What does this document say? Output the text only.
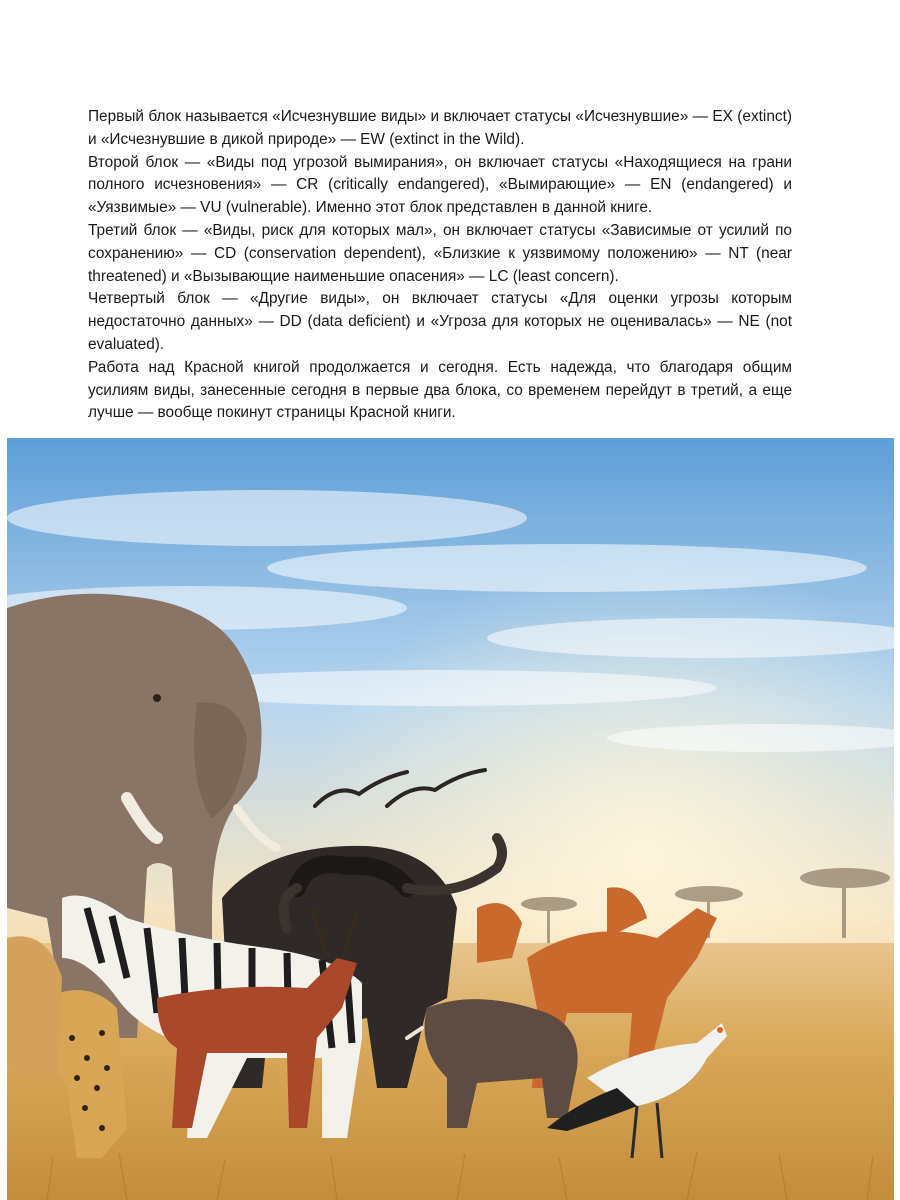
Первый блок называется «Исчезнувшие виды» и включает статусы «Исчезнувшие» — EX (extinct) и «Исчезнувшие в дикой природе» — EW (extinct in the Wild).

Второй блок — «Виды под угрозой вымирания», он включает статусы «Находящиеся на грани полного исчезновения» — CR (critically endangered), «Вымирающие» — EN (endangered) и «Уязвимые» — VU (vulnerable). Именно этот блок представлен в данной книге.

Третий блок — «Виды, риск для которых мал», он включает статусы «Зависимые от усилий по сохранению» — CD (conservation dependent), «Близкие к уязвимому положению» — NT (near threatened) и «Вызывающие наименьшие опасения» — LC (least concern).

Четвертый блок — «Другие виды», он включает статусы «Для оценки угрозы которым недостаточно данных» — DD (data deficient) и «Угроза для которых не оценивалась» — NE (not evaluated).

Работа над Красной книгой продолжается и сегодня. Есть надежда, что благодаря общим усилиям виды, занесенные сегодня в первые два блока, со временем перейдут в третий, а еще лучше — вообще покинут страницы Красной книги.
